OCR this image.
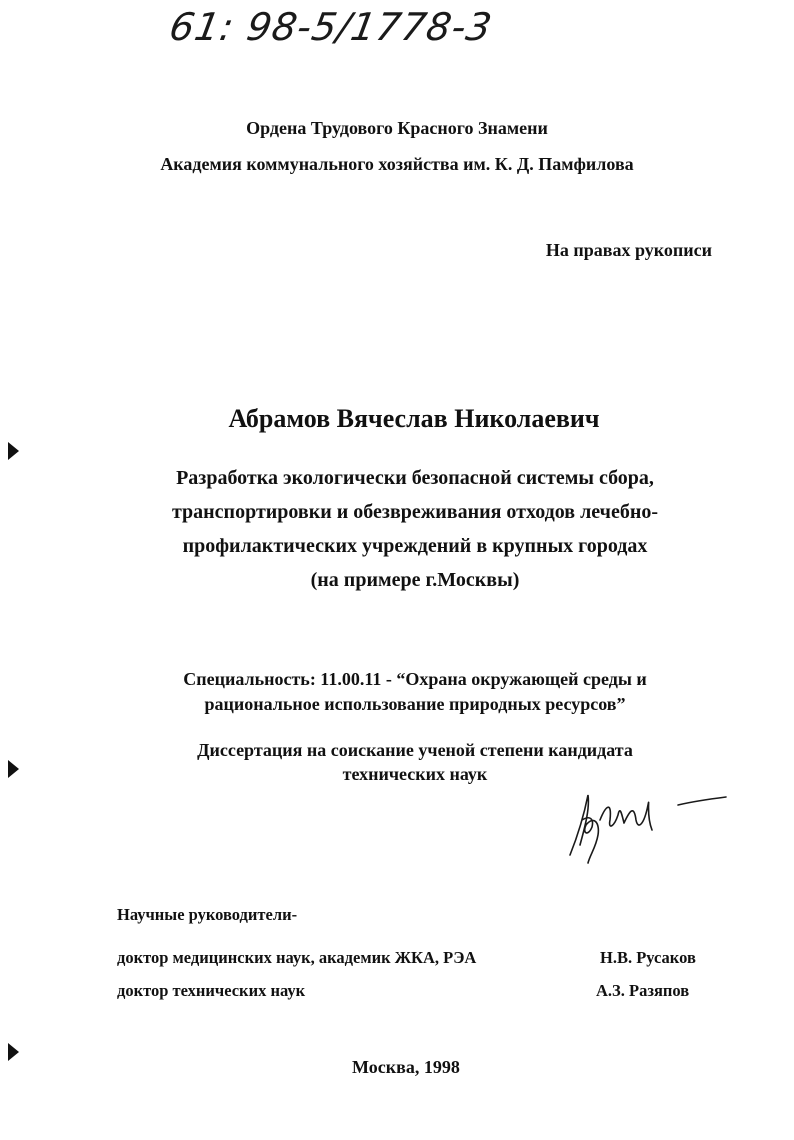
61: 98-5/1778-3
Ордена Трудового Красного Знамени
Академия коммунального хозяйства им. К. Д. Памфилова
На правах рукописи
Абрамов Вячеслав Николаевич
Разработка экологически безопасной системы сбора,
транспортировки и обезвреживания отходов лечебно-
профилактических учреждений в крупных городах
(на примере г.Москвы)
Специальность: 11.00.11 - “Охрана окружающей среды и
рациональное использование природных ресурсов”
Диссертация на соискание ученой степени кандидата
технических наук
Научные руководители-
доктор медицинских наук, академик ЖКА, РЭА	Н.В. Русаков
доктор технических наук	А.З. Разяпов
Москва, 1998
